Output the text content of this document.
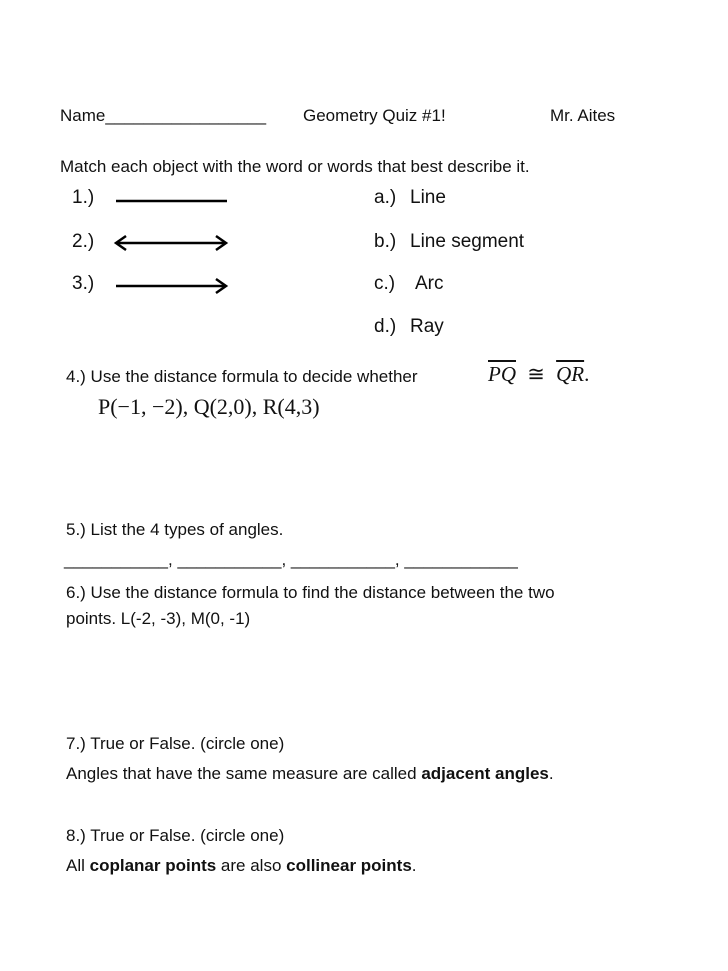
Name_________________ Geometry Quiz #1!	Mr. Aites
Match each object with the word or words that best describe it.
1.)
2.)
3.)
a.) Line
b.) Line segment
c.) Arc
d.) Ray
4.) Use the distance formula to decide whether	$\overline{PQ}$ ≅ $\overline{QR}$.
P(−1, −2), Q(2,0), R(4,3)
5.) List the 4 types of angles.
___________, ___________, ___________, ____________
6.) Use the distance formula to find the distance between the two
points. L(-2, -3), M(0, -1)
7.) True or False. (circle one)
Angles that have the same measure are called adjacent angles.
8.) True or False. (circle one)
All coplanar points are also collinear points.
